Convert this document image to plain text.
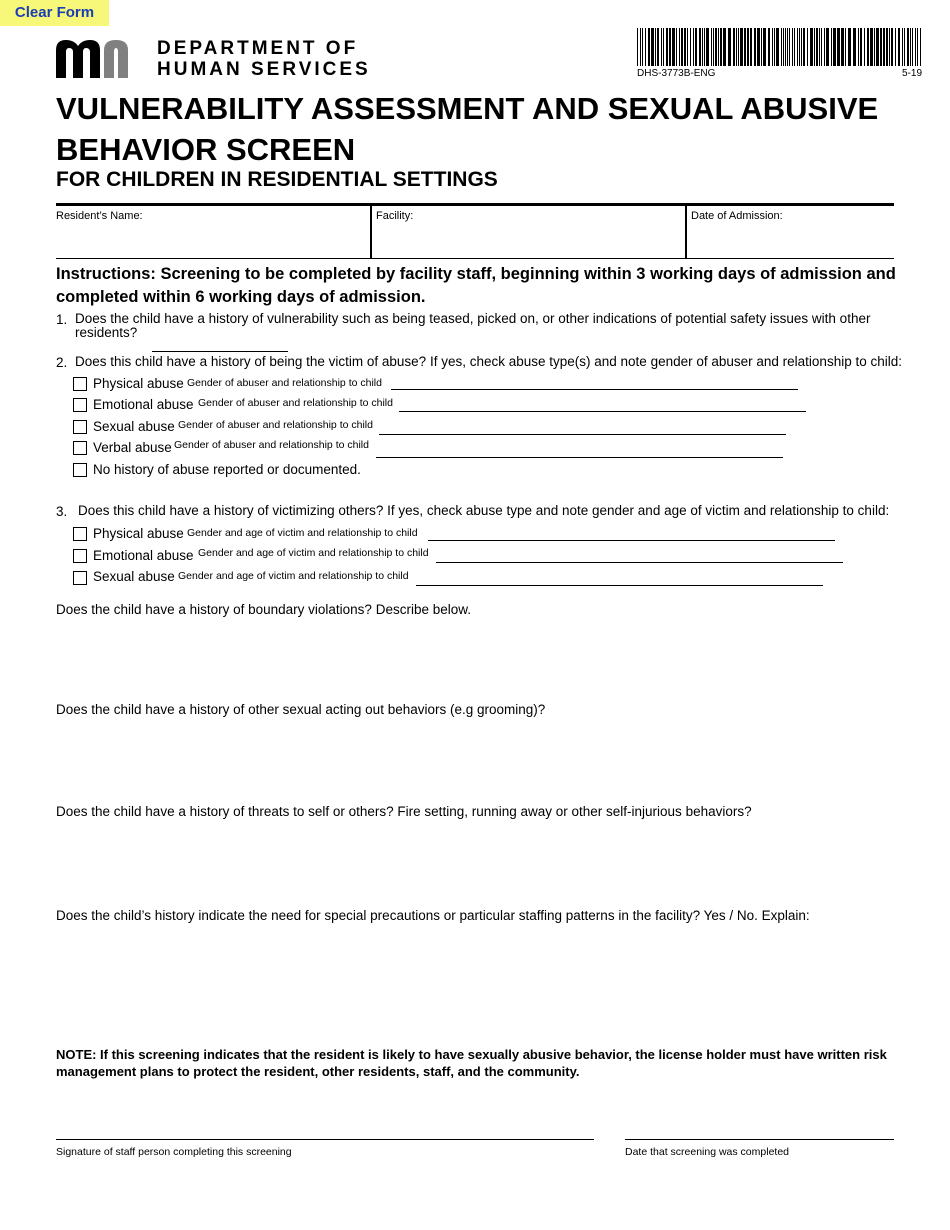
Clear Form
DEPARTMENT OF
HUMAN SERVICES	DHS-3773B-ENG	5-19
VULNERABILITY ASSESSMENT AND SEXUAL ABUSIVE BEHAVIOR SCREEN
FOR CHILDREN IN RESIDENTIAL SETTINGS
Resident’s Name:	Facility:	Date of Admission:
Instructions: Screening to be completed by facility staff, beginning within 3 working days of admission and completed within 6 working days of admission.
1. Does the child have a history of vulnerability such as being teased, picked on, or other indications of potential safety issues with other residents?
2. Does this child have a history of being the victim of abuse? If yes, check abuse type(s) and note gender of abuser and relationship to child:
Physical abuse Gender of abuser and relationship to child
Emotional abuse Gender of abuser and relationship to child
Sexual abuse Gender of abuser and relationship to child
Verbal abuse Gender of abuser and relationship to child
No history of abuse reported or documented.
3. Does this child have a history of victimizing others? If yes, check abuse type and note gender and age of victim and relationship to child:
Physical abuse Gender and age of victim and relationship to child
Emotional abuse Gender and age of victim and relationship to child
Sexual abuse Gender and age of victim and relationship to child
Does the child have a history of boundary violations? Describe below.
Does the child have a history of other sexual acting out behaviors (e.g grooming)?
Does the child have a history of threats to self or others? Fire setting, running away or other self-injurious behaviors?
Does the child’s history indicate the need for special precautions or particular staffing patterns in the facility? Yes / No. Explain:
NOTE: If this screening indicates that the resident is likely to have sexually abusive behavior, the license holder must have written risk management plans to protect the resident, other residents, staff, and the community.
Signature of staff person completing this screening	Date that screening was completed
